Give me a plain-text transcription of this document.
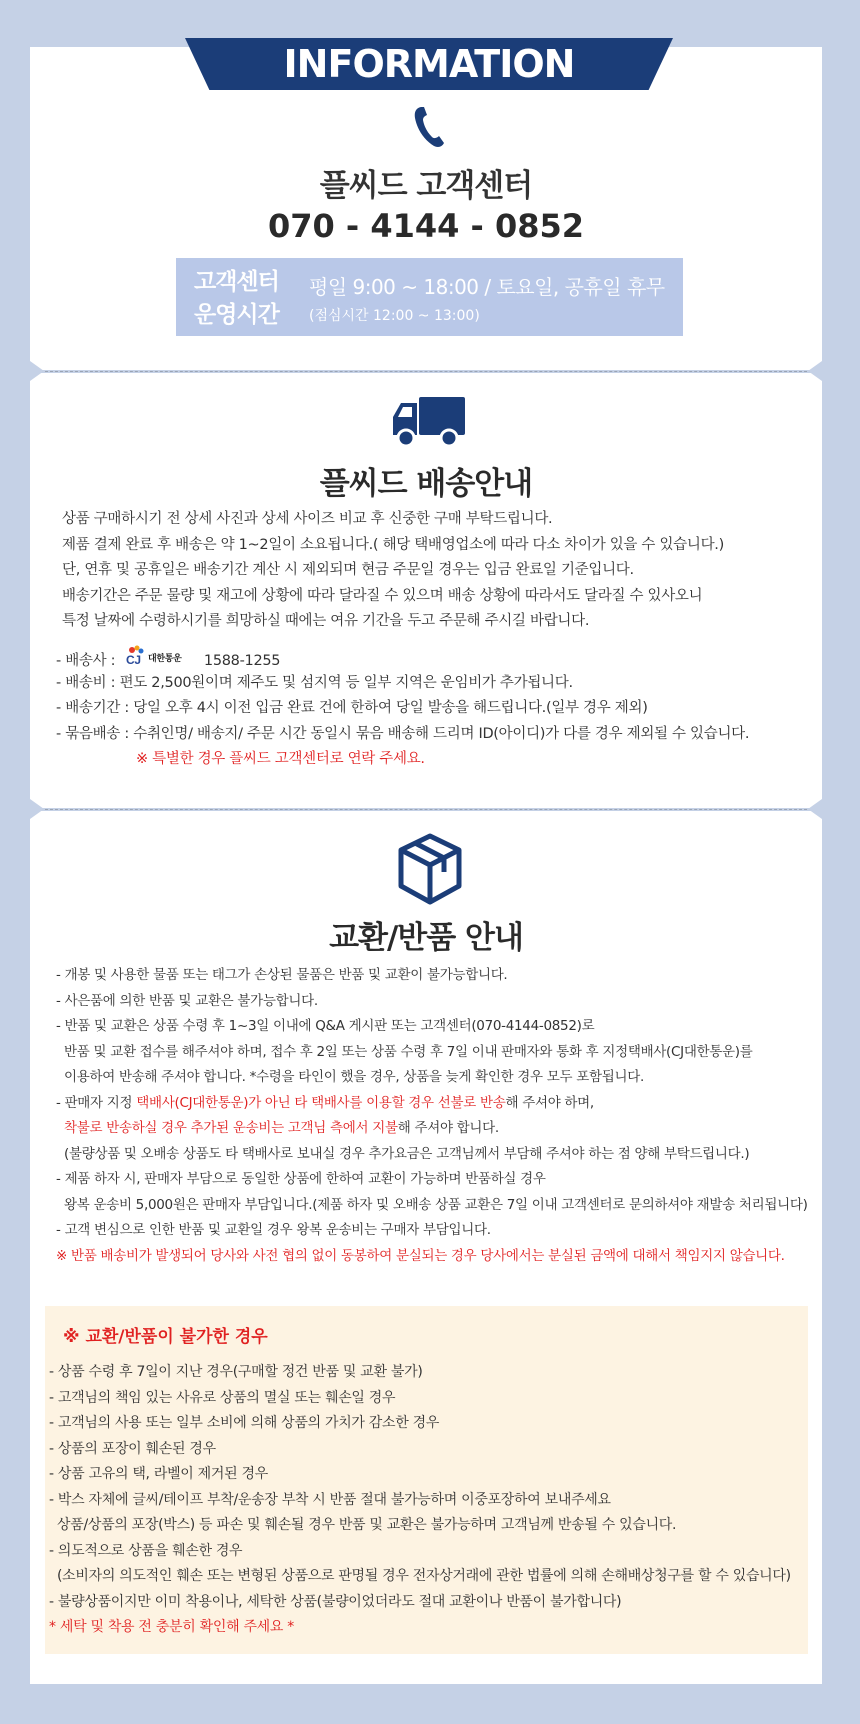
INFORMATION
플씨드 고객센터
070 - 4144 - 0852
고객센터
운영시간
평일 9:00 ~ 18:00 / 토요일, 공휴일 휴무
(점심시간 12:00 ~ 13:00)
플씨드 배송안내
상품 구매하시기 전 상세 사진과 상세 사이즈 비교 후 신중한 구매 부탁드립니다.
제품 결제 완료 후 배송은 약 1~2일이 소요됩니다.( 해당 택배영업소에 따라 다소 차이가 있을 수 있습니다.)
단, 연휴 및 공휴일은 배송기간 계산 시 제외되며 현금 주문일 경우는 입금 완료일 기준입니다.
배송기간은 주문 물량 및 재고에 상황에 따라 달라질 수 있으며 배송 상황에 따라서도 달라질 수 있사오니
특정 날짜에 수령하시기를 희망하실 때에는 여유 기간을 두고 주문해 주시길 바랍니다.
- 배송사 : CJ 대한통운 1588-1255
- 배송비 : 편도 2,500원이며 제주도 및 섬지역 등 일부 지역은 운임비가 추가됩니다.
- 배송기간 : 당일 오후 4시 이전 입금 완료 건에 한하여 당일 발송을 해드립니다.(일부 경우 제외)
- 묶음배송 : 수취인명/ 배송지/ 주문 시간 동일시 묶음 배송해 드리며 ID(아이디)가 다를 경우 제외될 수 있습니다.
※ 특별한 경우 플씨드 고객센터로 연락 주세요.
교환/반품 안내
- 개봉 및 사용한 물품 또는 태그가 손상된 물품은 반품 및 교환이 불가능합니다.
- 사은품에 의한 반품 및 교환은 불가능합니다.
- 반품 및 교환은 상품 수령 후 1~3일 이내에 Q&A 게시판 또는 고객센터(070-4144-0852)로
반품 및 교환 접수를 해주셔야 하며, 접수 후 2일 또는 상품 수령 후 7일 이내 판매자와 통화 후 지정택배사(CJ대한통운)를
이용하여 반송해 주셔야 합니다. *수령을 타인이 했을 경우, 상품을 늦게 확인한 경우 모두 포함됩니다.
- 판매자 지정 택배사(CJ대한통운)가 아닌 타 택배사를 이용할 경우 선불로 반송해 주셔야 하며,
착불로 반송하실 경우 추가된 운송비는 고객님 측에서 지불해 주셔야 합니다.
(불량상품 및 오배송 상품도 타 택배사로 보내실 경우 추가요금은 고객님께서 부담해 주셔야 하는 점 양해 부탁드립니다.)
- 제품 하자 시, 판매자 부담으로 동일한 상품에 한하여 교환이 가능하며 반품하실 경우
왕복 운송비 5,000원은 판매자 부담입니다.(제품 하자 및 오배송 상품 교환은 7일 이내 고객센터로 문의하셔야 재발송 처리됩니다)
- 고객 변심으로 인한 반품 및 교환일 경우 왕복 운송비는 구매자 부담입니다.
※ 반품 배송비가 발생되어 당사와 사전 협의 없이 동봉하여 분실되는 경우 당사에서는 분실된 금액에 대해서 책임지지 않습니다.
※ 교환/반품이 불가한 경우
- 상품 수령 후 7일이 지난 경우(구매할 정건 반품 및 교환 불가)
- 고객님의 책임 있는 사유로 상품의 멸실 또는 훼손일 경우
- 고객님의 사용 또는 일부 소비에 의해 상품의 가치가 감소한 경우
- 상품의 포장이 훼손된 경우
- 상품 고유의 택, 라벨이 제거된 경우
- 박스 자체에 글씨/테이프 부착/운송장 부착 시 반품 절대 불가능하며 이중포장하여 보내주세요
상품/상품의 포장(박스) 등 파손 및 훼손될 경우 반품 및 교환은 불가능하며 고객님께 반송될 수 있습니다.
- 의도적으로 상품을 훼손한 경우
(소비자의 의도적인 훼손 또는 변형된 상품으로 판명될 경우 전자상거래에 관한 법률에 의해 손해배상청구를 할 수 있습니다)
- 불량상품이지만 이미 착용이나, 세탁한 상품(불량이었더라도 절대 교환이나 반품이 불가합니다)
* 세탁 및 착용 전 충분히 확인해 주세요 *
